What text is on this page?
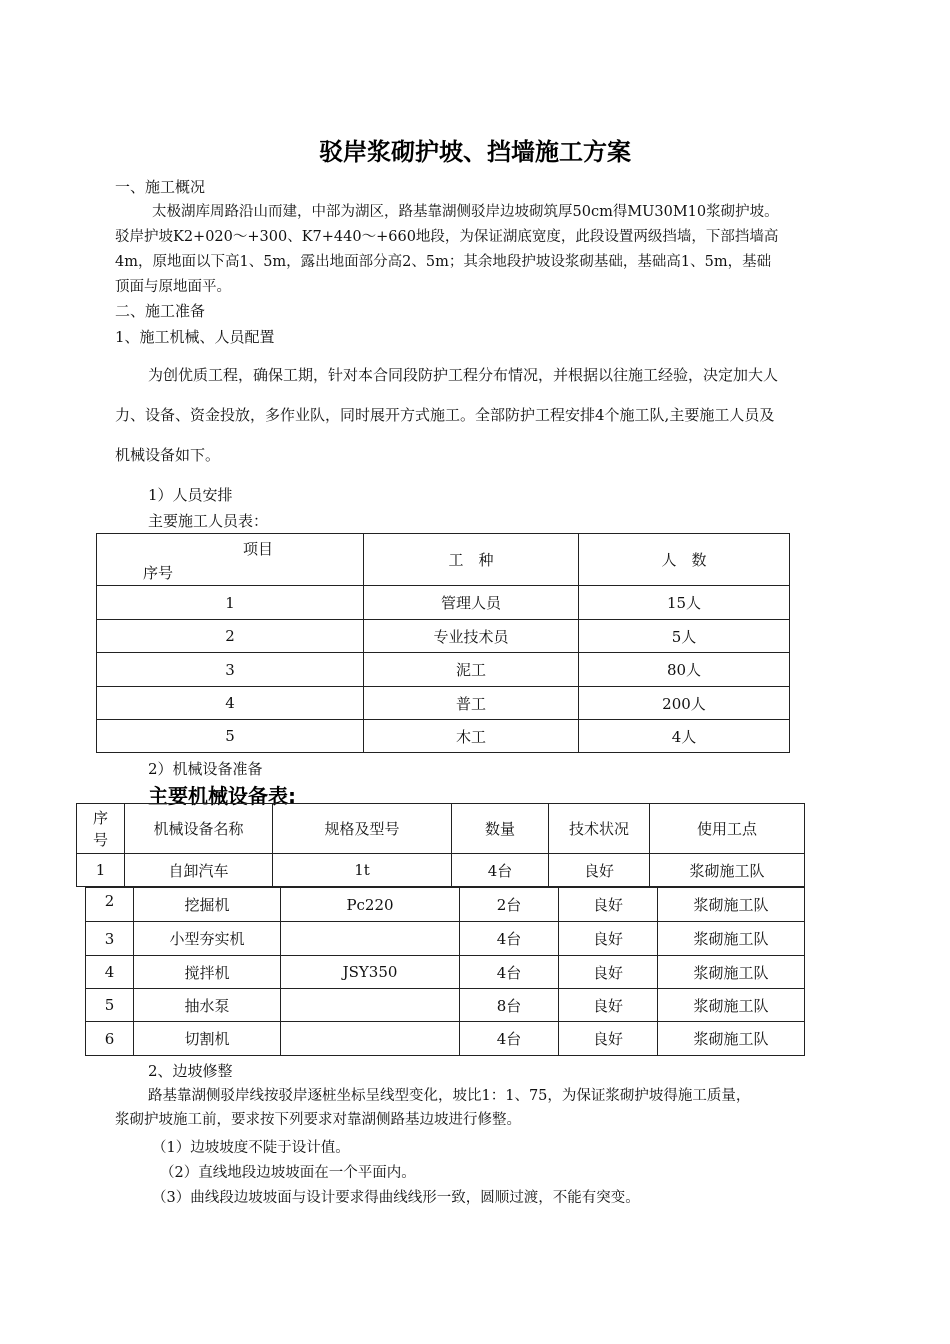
驳岸浆砌护坡、挡墙施工方案
一、施工概况
太极湖库周路沿山而建，中部为湖区，路基靠湖侧驳岸边坡砌筑厚50cm得MU30M10浆砌护坡。
驳岸护坡K2+020～+300、K7+440～+660地段，为保证湖底宽度，此段设置两级挡墙，下部挡墙高
4m，原地面以下高1、5m，露出地面部分高2、5m；其余地段护坡设浆砌基础，基础高1、5m，基础
顶面与原地面平。
二、施工准备
1、施工机械、人员配置
为创优质工程，确保工期，针对本合同段防护工程分布情况，并根据以往施工经验，决定加大人
力、设备、资金投放，多作业队，同时展开方式施工。全部防护工程安排4个施工队,主要施工人员及
机械设备如下。
1）人员安排
主要施工人员表：
项目
序号	工　种	人　数
1	管理人员	15人
2	专业技术员	5人
3	泥工	80人
4	普工	200人
5	木工	4人
2）机械设备准备
主要机械设备表:
序号	机械设备名称	规格及型号	数量	技术状况	使用工点
1	自卸汽车	1t	4台	良好	浆砌施工队
2	挖掘机	Pc220	2台	良好	浆砌施工队
3	小型夯实机		4台	良好	浆砌施工队
4	搅拌机	JSY350	4台	良好	浆砌施工队
5	抽水泵		8台	良好	浆砌施工队
6	切割机		4台	良好	浆砌施工队
2、边坡修整
路基靠湖侧驳岸线按驳岸逐桩坐标呈线型变化，坡比1：1、75，为保证浆砌护坡得施工质量，
浆砌护坡施工前，要求按下列要求对靠湖侧路基边坡进行修整。
（1）边坡坡度不陡于设计值。
（2）直线地段边坡坡面在一个平面内。
（3）曲线段边坡坡面与设计要求得曲线线形一致，圆顺过渡，不能有突变。
